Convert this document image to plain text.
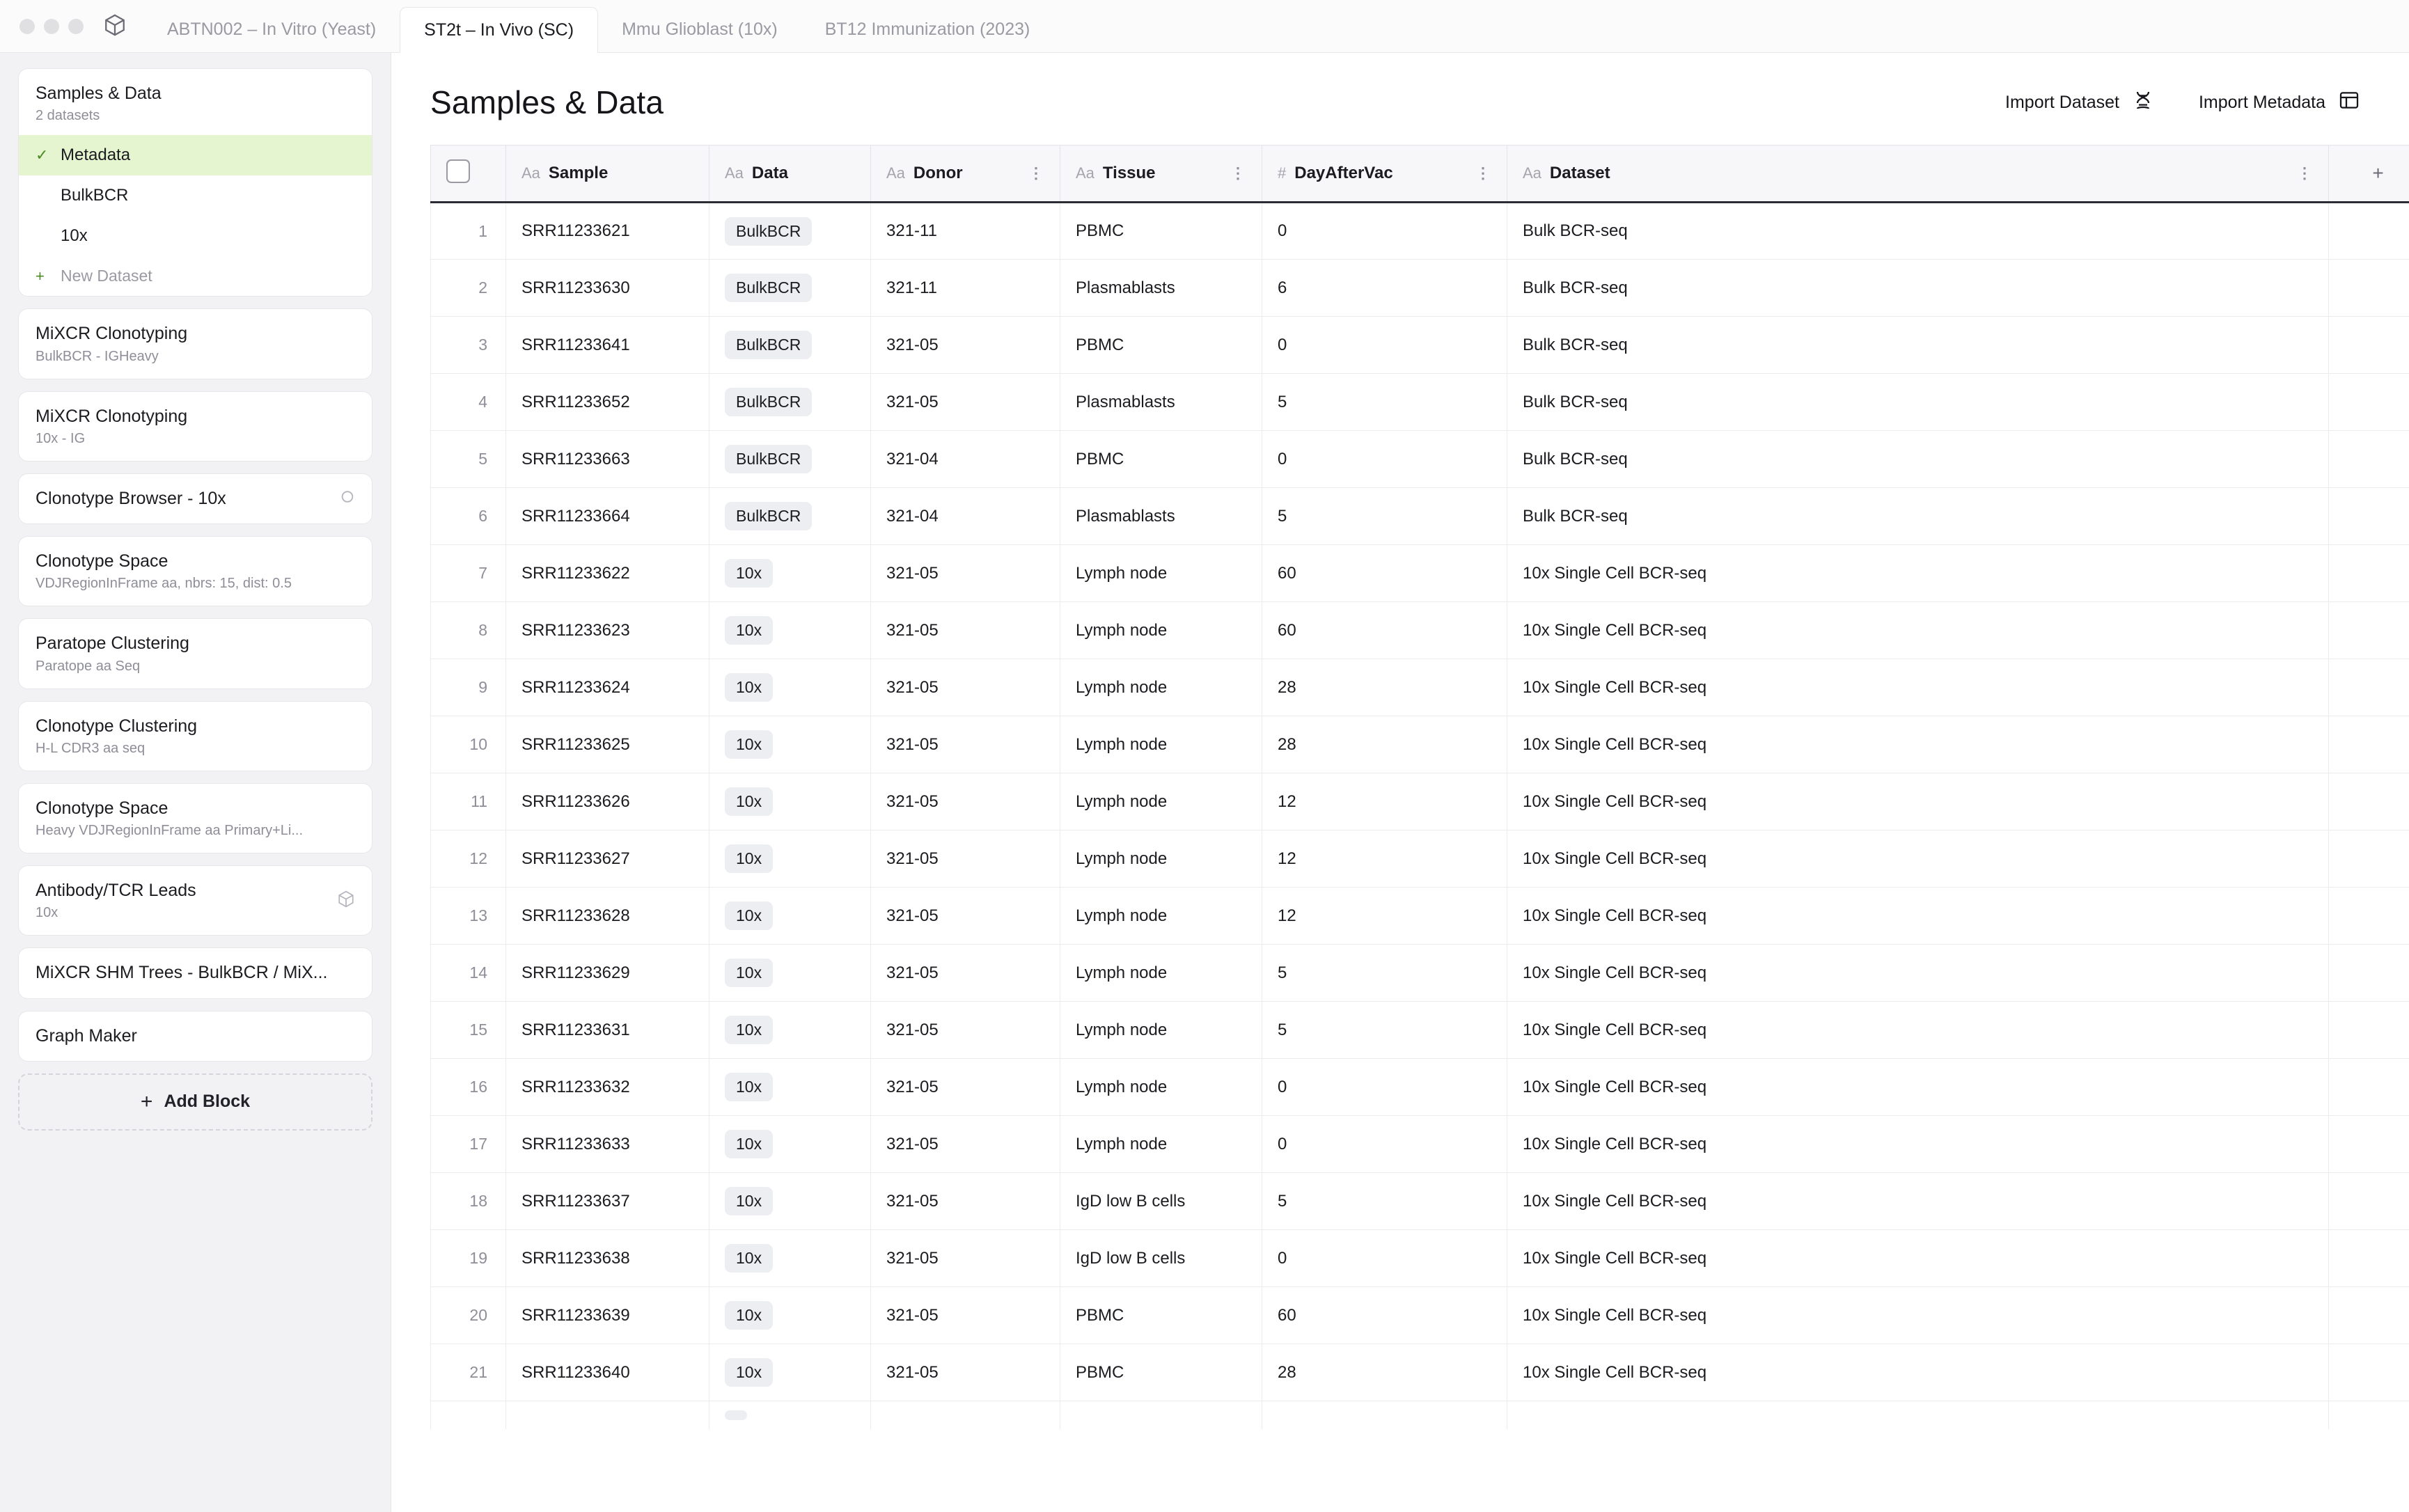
ABTN002 – In Vitro (Yeast)	ST2t – In Vivo (SC)	Mmu Glioblast (10x)	BT12 Immunization (2023)
Samples & Data
2 datasets
✓ Metadata
BulkBCR
10x
+	New Dataset
MiXCR Clonotyping
BulkBCR - IGHeavy
MiXCR Clonotyping
10x - IG
Clonotype Browser - 10x
Clonotype Space
VDJRegionInFrame aa, nbrs: 15, dist: 0.5
Paratope Clustering
Paratope aa Seq
Clonotype Clustering
H-L CDR3 aa seq
Clonotype Space
Heavy VDJRegionInFrame aa Primary+Li...
Antibody/TCR Leads
10x
MiXCR SHM Trees - BulkBCR / MiX...
Graph Maker
+ Add Block
Samples & Data	Import Dataset	Import Metadata

	Aa Sample	Aa Data	Aa Donor ⋮	Aa Tissue ⋮	# DayAfterVac ⋮	Aa Dataset ⋮	+
1	SRR11233621	BulkBCR	321-11	PBMC	0	Bulk BCR-seq	
2	SRR11233630	BulkBCR	321-11	Plasmablasts	6	Bulk BCR-seq	
3	SRR11233641	BulkBCR	321-05	PBMC	0	Bulk BCR-seq	
4	SRR11233652	BulkBCR	321-05	Plasmablasts	5	Bulk BCR-seq	
5	SRR11233663	BulkBCR	321-04	PBMC	0	Bulk BCR-seq	
6	SRR11233664	BulkBCR	321-04	Plasmablasts	5	Bulk BCR-seq	
7	SRR11233622	10x	321-05	Lymph node	60	10x Single Cell BCR-seq	
8	SRR11233623	10x	321-05	Lymph node	60	10x Single Cell BCR-seq	
9	SRR11233624	10x	321-05	Lymph node	28	10x Single Cell BCR-seq	
10	SRR11233625	10x	321-05	Lymph node	28	10x Single Cell BCR-seq	
11	SRR11233626	10x	321-05	Lymph node	12	10x Single Cell BCR-seq	
12	SRR11233627	10x	321-05	Lymph node	12	10x Single Cell BCR-seq	
13	SRR11233628	10x	321-05	Lymph node	12	10x Single Cell BCR-seq	
14	SRR11233629	10x	321-05	Lymph node	5	10x Single Cell BCR-seq	
15	SRR11233631	10x	321-05	Lymph node	5	10x Single Cell BCR-seq	
16	SRR11233632	10x	321-05	Lymph node	0	10x Single Cell BCR-seq	
17	SRR11233633	10x	321-05	Lymph node	0	10x Single Cell BCR-seq	
18	SRR11233637	10x	321-05	IgD low B cells	5	10x Single Cell BCR-seq	
19	SRR11233638	10x	321-05	IgD low B cells	0	10x Single Cell BCR-seq	
20	SRR11233639	10x	321-05	PBMC	60	10x Single Cell BCR-seq	
21	SRR11233640	10x	321-05	PBMC	28	10x Single Cell BCR-seq	
